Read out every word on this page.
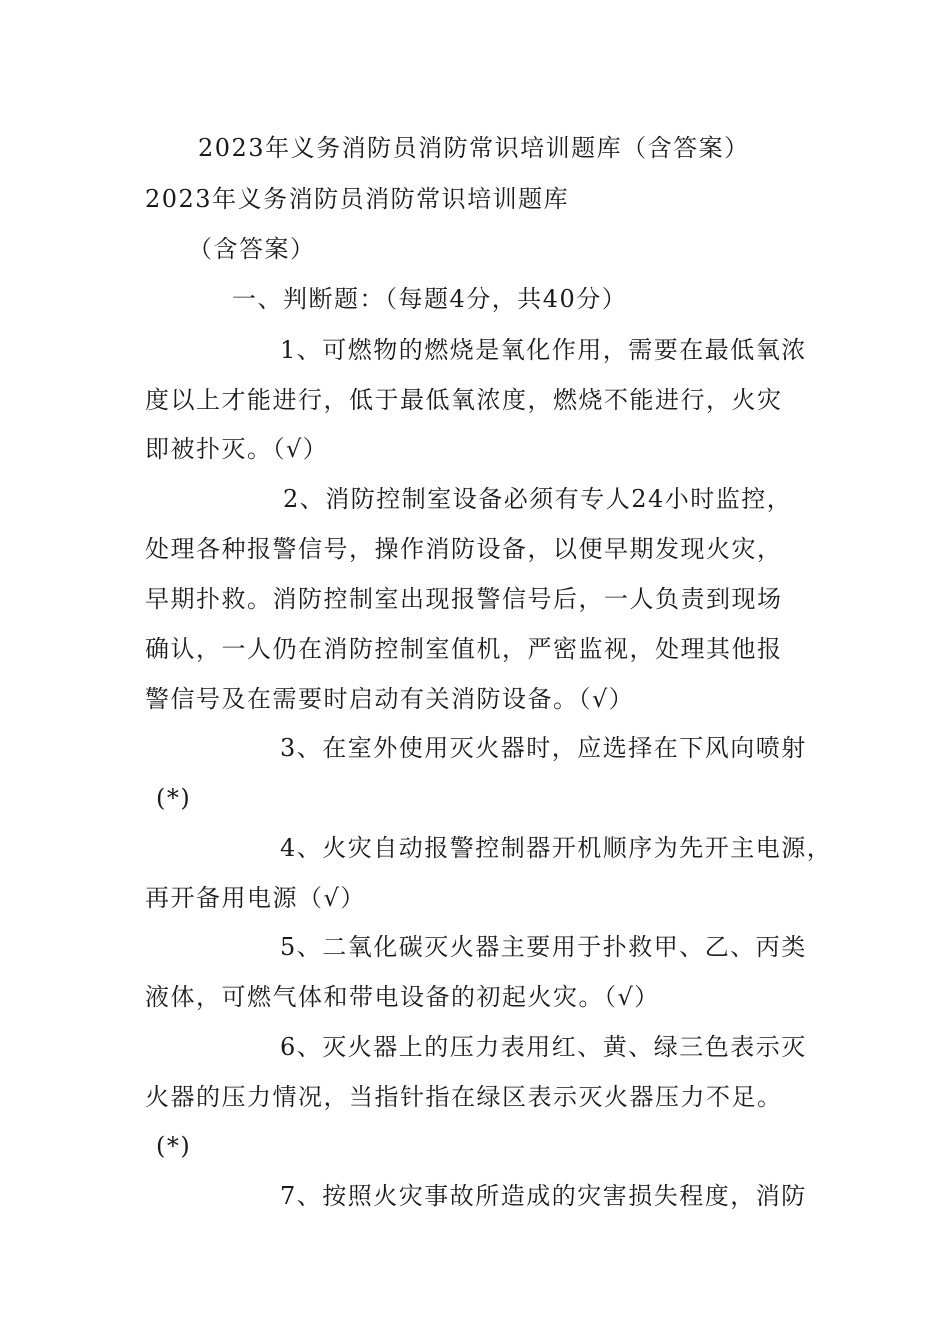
2023年义务消防员消防常识培训题库（含答案）
2023年义务消防员消防常识培训题库
（含答案）
一、判断题：（每题4分，共40分）
1、可燃物的燃烧是氧化作用，需要在最低氧浓
度以上才能进行，低于最低氧浓度，燃烧不能进行，火灾
即被扑灭。（√）
2、消防控制室设备必须有专人24小时监控，
处理各种报警信号，操作消防设备，以便早期发现火灾，
早期扑救。消防控制室出现报警信号后，一人负责到现场
确认，一人仍在消防控制室值机，严密监视，处理其他报
警信号及在需要时启动有关消防设备。（√）
3、在室外使用灭火器时，应选择在下风向喷射
(*)
4、火灾自动报警控制器开机顺序为先开主电源，
再开备用电源（√）
5、二氧化碳灭火器主要用于扑救甲、乙、丙类
液体，可燃气体和带电设备的初起火灾。（√）
6、灭火器上的压力表用红、黄、绿三色表示灭
火器的压力情况，当指针指在绿区表示灭火器压力不足。
(*)
7、按照火灾事故所造成的灾害损失程度，消防
